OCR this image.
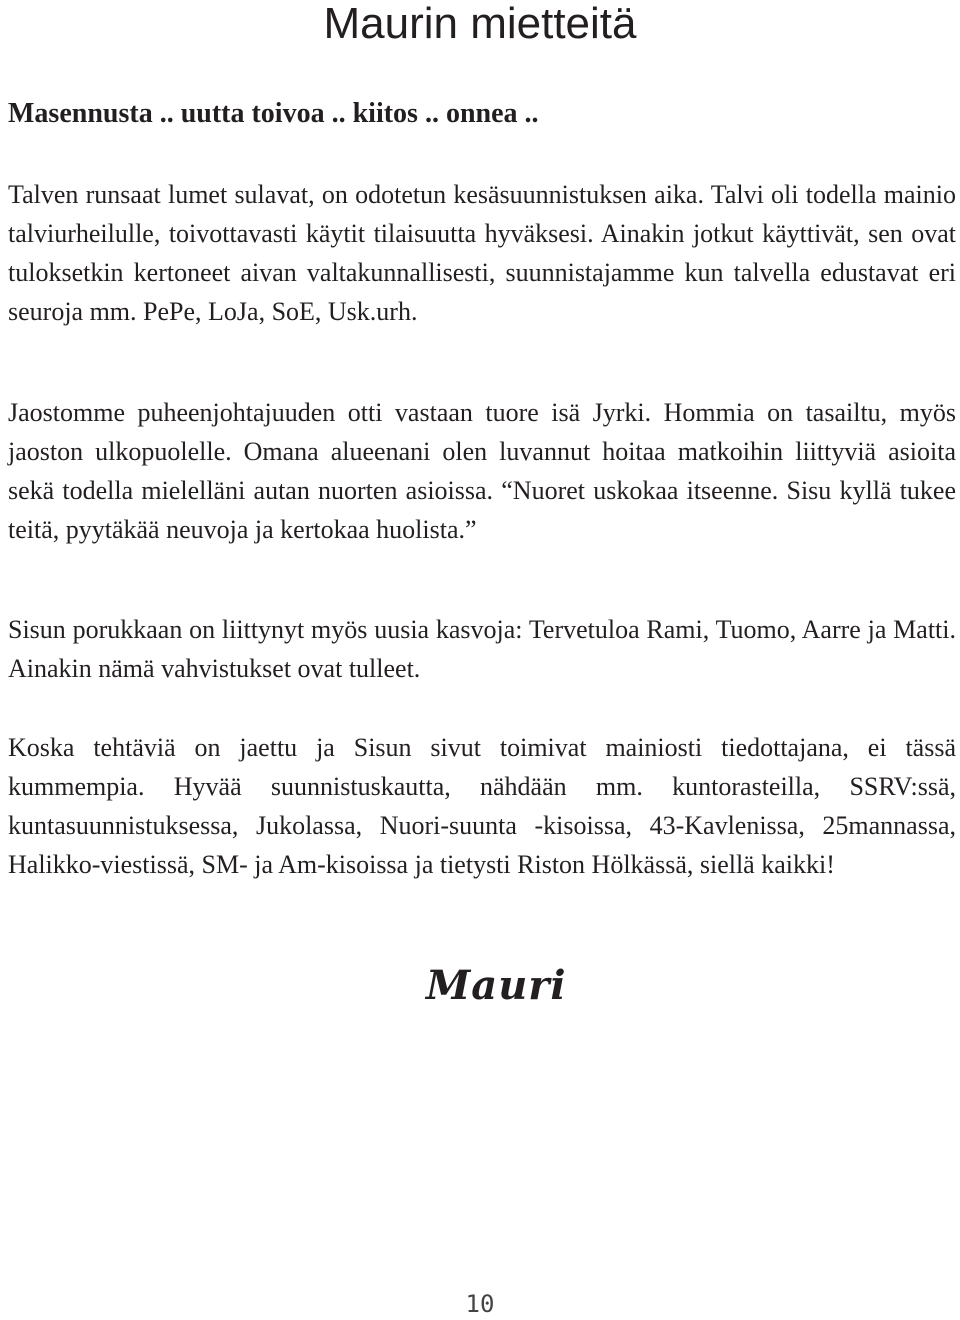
Maurin mietteitä
Masennusta .. uutta toivoa .. kiitos .. onnea ..

Talven runsaat lumet sulavat, on odotetun kesäsuunnistuksen aika. Talvi oli todella mainio talviurheilulle, toivottavasti käytit tilaisuutta hyväksesi. Ainakin jotkut käyttivät, sen ovat tuloksetkin kertoneet aivan valtakunnallisesti, suunnistajamme kun talvella edustavat eri seuroja mm. PePe, LoJa, SoE, Usk.urh.

Jaostomme puheenjohtajuuden otti vastaan tuore isä Jyrki. Hommia on tasailtu, myös jaoston ulkopuolelle. Omana alueenani olen luvannut hoitaa matkoihin liittyviä asioita sekä todella mielelläni autan nuorten asioissa. “Nuoret uskokaa itseenne. Sisu kyllä tukee teitä, pyytäkää neuvoja ja kertokaa huolista.”

Sisun porukkaan on liittynyt myös uusia kasvoja: Tervetuloa Rami, Tuomo, Aarre ja Matti. Ainakin nämä vahvistukset ovat tulleet.

Koska tehtäviä on jaettu ja Sisun sivut toimivat mainiosti tiedottajana, ei tässä kummempia. Hyvää suunnistuskautta, nähdään mm. kuntorasteilla, SSRV:ssä, kuntasuunnistuksessa, Jukolassa, Nuori-suunta -kisoissa, 43-Kavlenissa, 25mannassa, Halikko-viestissä, SM- ja Am-kisoissa ja tietysti Riston Hölkässä, siellä kaikki!

Mauri
10
